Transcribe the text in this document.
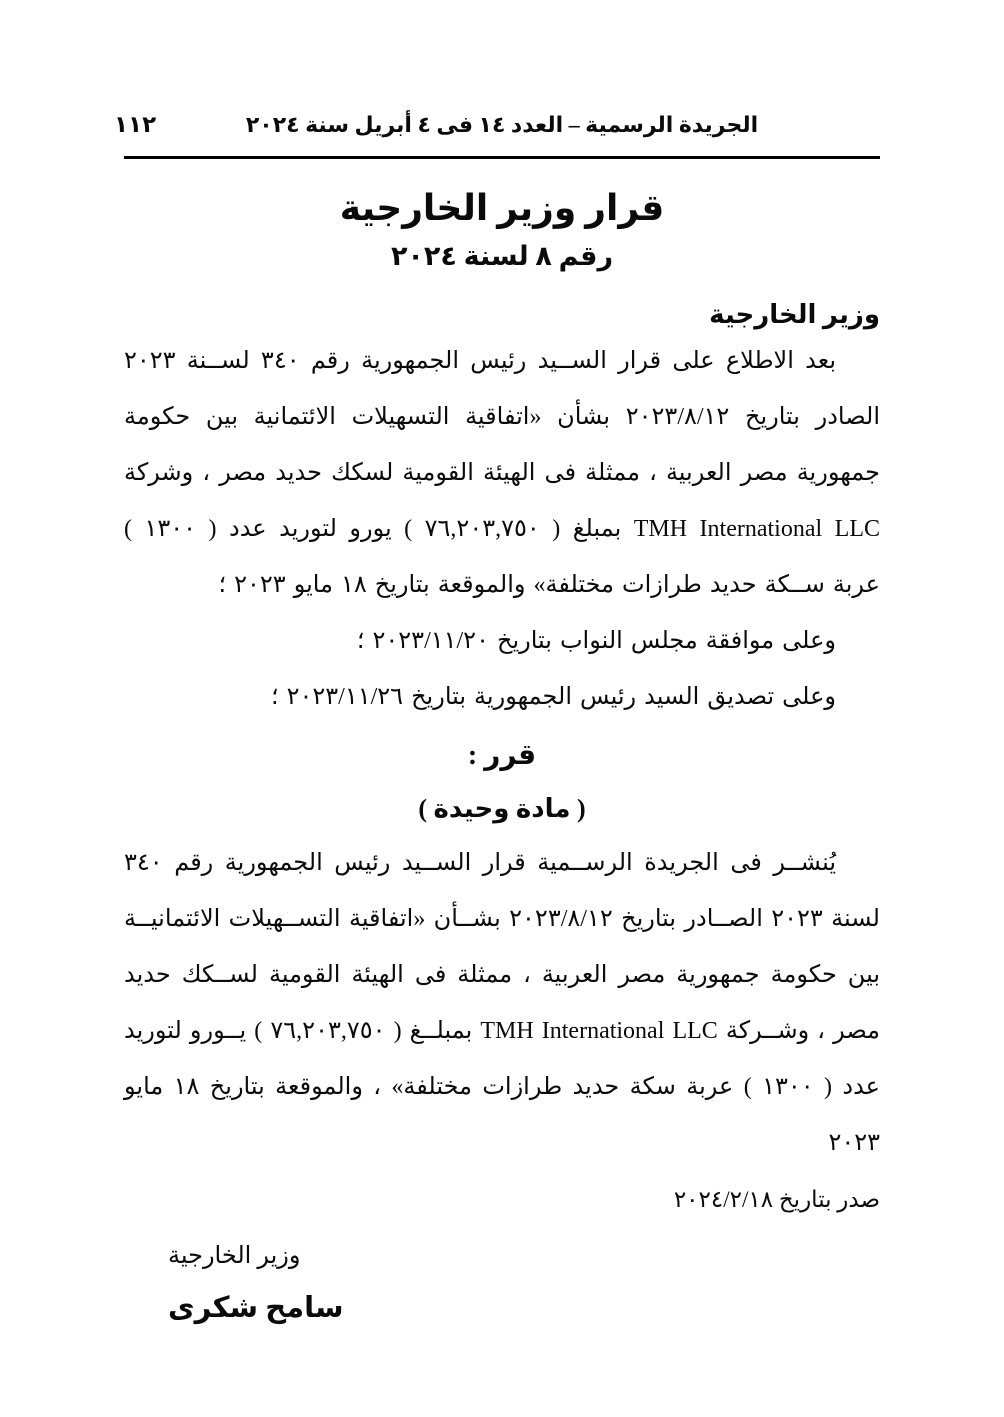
الجريدة الرسمية – العدد ١٤ فى ٤ أبريل سنة ٢٠٢٤
١١٢
قرار وزير الخارجية
رقم ٨ لسنة ٢٠٢٤
وزير الخارجية

بعد الاطلاع على قرار الســيد رئيس الجمهورية رقم ٣٤٠ لســنة ٢٠٢٣ الصادر بتاريخ ٢٠٢٣/٨/١٢ بشأن «اتفاقية التسهيلات الائتمانية بين حكومة جمهورية مصر العربية ، ممثلة فى الهيئة القومية لسكك حديد مصر ، وشركة TMH International LLC بمبلغ ( ٧٦,٢٠٣,٧٥٠ ) يورو لتوريد عدد ( ١٣٠٠ ) عربة ســكة حديد طرازات مختلفة» والموقعة بتاريخ ١٨ مايو ٢٠٢٣ ؛

وعلى موافقة مجلس النواب بتاريخ ٢٠٢٣/١١/٢٠ ؛

وعلى تصديق السيد رئيس الجمهورية بتاريخ ٢٠٢٣/١١/٢٦ ؛

قرر :
( مادة وحيدة )

يُنشــر فى الجريدة الرســمية قرار الســيد رئيس الجمهورية رقم ٣٤٠ لسنة ٢٠٢٣ الصــادر بتاريخ ٢٠٢٣/٨/١٢ بشــأن «اتفاقية التســهيلات الائتمانيــة بين حكومة جمهورية مصر العربية ، ممثلة فى الهيئة القومية لســكك حديد مصر ، وشــركة TMH International LLC بمبلــغ ( ٧٦,٢٠٣,٧٥٠ ) يــورو لتوريد عدد ( ١٣٠٠ ) عربة سكة حديد طرازات مختلفة» ، والموقعة بتاريخ ١٨ مايو ٢٠٢٣

صدر بتاريخ ٢٠٢٤/٢/١٨
وزير الخارجية
سامح شكرى
